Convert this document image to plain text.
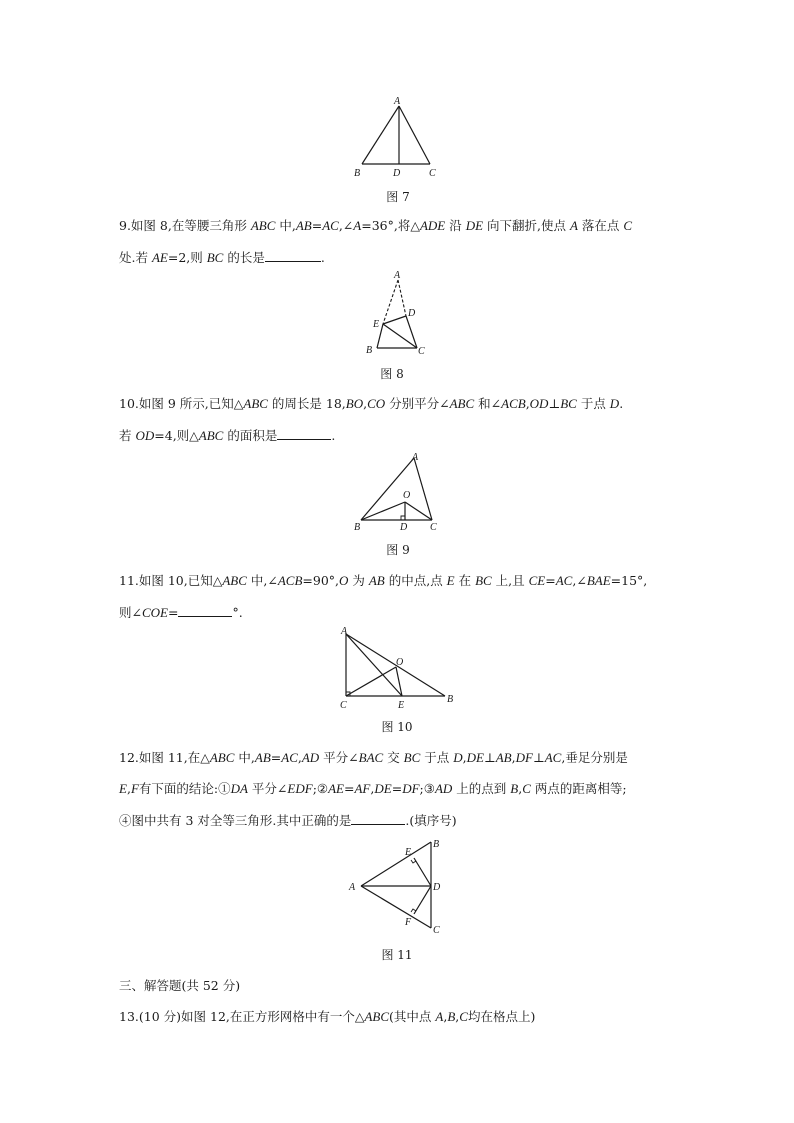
A
B	D	C
图 7
9.如图 8,在等腰三角形 ABC 中,AB=AC,∠A=36°,将△ADE 沿 DE 向下翻折,使点 A 落在点 C
处.若 AE=2,则 BC 的长是	.
A
E
D
B	C
图 8
10.如图 9 所示,已知△ABC 的周长是 18,BO,CO 分别平分∠ABC 和∠ACB,OD⊥BC 于点 D.
若 OD=4,则△ABC 的面积是	.
A
O
B	D C
图 9
11.如图 10,已知△ABC 中,∠ACB=90°,O 为 AB 的中点,点 E 在 BC 上,且 CE=AC,∠BAE=15°,
则∠COE=	°.
A
O
C	E
B
图 10
12.如图 11,在△ABC 中,AB=AC,AD 平分∠BAC 交 BC 于点 D,DE⊥AB,DF⊥AC,垂足分别是
E,F有下面的结论:①DA 平分∠EDF;②AE=AF,DE=DF;③AD 上的点到 B,C 两点的距离相等;
④图中共有 3 对全等三角形.其中正确的是	.(填序号)
E
B
A	D
F
C
图 11
三、解答题(共 52 分)
13.(10 分)如图 12,在正方形网格中有一个△ABC(其中点 A,B,C均在格点上)
